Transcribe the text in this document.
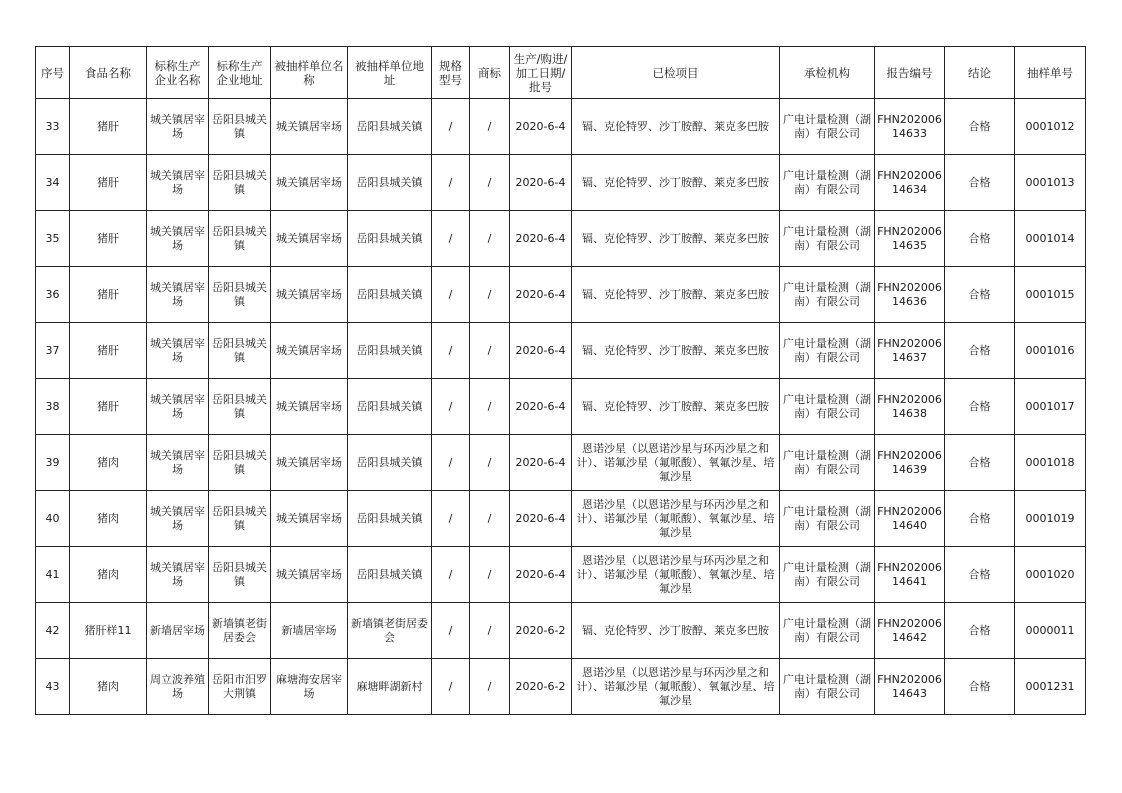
序号	食品名称	标称生产企业名称	标称生产企业地址	被抽样单位名称	被抽样单位地址	规格型号	商标	生产/购进/加工日期/批号	已检项目	承检机构	报告编号	结论	抽样单号
33	猪肝	城关镇居宰场	岳阳县城关镇	城关镇居宰场	岳阳县城关镇	/	/	2020-6-4	镉、克伦特罗、沙丁胺醇、莱克多巴胺	广电计量检测（湖南）有限公司	FHN20200614633	合格	0001012
34	猪肝	城关镇居宰场	岳阳县城关镇	城关镇居宰场	岳阳县城关镇	/	/	2020-6-4	镉、克伦特罗、沙丁胺醇、莱克多巴胺	广电计量检测（湖南）有限公司	FHN20200614634	合格	0001013
35	猪肝	城关镇居宰场	岳阳县城关镇	城关镇居宰场	岳阳县城关镇	/	/	2020-6-4	镉、克伦特罗、沙丁胺醇、莱克多巴胺	广电计量检测（湖南）有限公司	FHN20200614635	合格	0001014
36	猪肝	城关镇居宰场	岳阳县城关镇	城关镇居宰场	岳阳县城关镇	/	/	2020-6-4	镉、克伦特罗、沙丁胺醇、莱克多巴胺	广电计量检测（湖南）有限公司	FHN20200614636	合格	0001015
37	猪肝	城关镇居宰场	岳阳县城关镇	城关镇居宰场	岳阳县城关镇	/	/	2020-6-4	镉、克伦特罗、沙丁胺醇、莱克多巴胺	广电计量检测（湖南）有限公司	FHN20200614637	合格	0001016
38	猪肝	城关镇居宰场	岳阳县城关镇	城关镇居宰场	岳阳县城关镇	/	/	2020-6-4	镉、克伦特罗、沙丁胺醇、莱克多巴胺	广电计量检测（湖南）有限公司	FHN20200614638	合格	0001017
39	猪肉	城关镇居宰场	岳阳县城关镇	城关镇居宰场	岳阳县城关镇	/	/	2020-6-4	恩诺沙星（以恩诺沙星与环丙沙星之和计）、诺氟沙星（氟哌酸）、氧氟沙星、培氟沙星	广电计量检测（湖南）有限公司	FHN20200614639	合格	0001018
40	猪肉	城关镇居宰场	岳阳县城关镇	城关镇居宰场	岳阳县城关镇	/	/	2020-6-4	恩诺沙星（以恩诺沙星与环丙沙星之和计）、诺氟沙星（氟哌酸）、氧氟沙星、培氟沙星	广电计量检测（湖南）有限公司	FHN20200614640	合格	0001019
41	猪肉	城关镇居宰场	岳阳县城关镇	城关镇居宰场	岳阳县城关镇	/	/	2020-6-4	恩诺沙星（以恩诺沙星与环丙沙星之和计）、诺氟沙星（氟哌酸）、氧氟沙星、培氟沙星	广电计量检测（湖南）有限公司	FHN20200614641	合格	0001020
42	猪肝样11	新墙居宰场	新墙镇老街居委会	新墙居宰场	新墙镇老街居委会	/	/	2020-6-2	镉、克伦特罗、沙丁胺醇、莱克多巴胺	广电计量检测（湖南）有限公司	FHN20200614642	合格	0000011
43	猪肉	周立波养殖场	岳阳市汨罗大荆镇	麻塘海安居宰场	麻塘畔湖新村	/	/	2020-6-2	恩诺沙星（以恩诺沙星与环丙沙星之和计）、诺氟沙星（氟哌酸）、氧氟沙星、培氟沙星	广电计量检测（湖南）有限公司	FHN20200614643	合格	0001231
